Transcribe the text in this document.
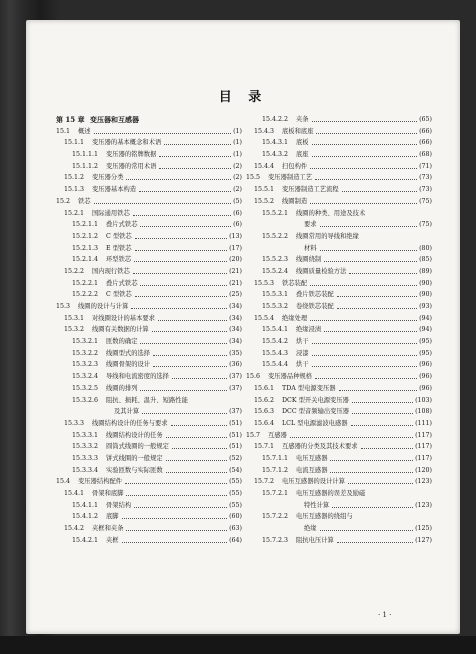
目 录
第 15 章 变压器和互感器
15.1 概述	(1)
15.1.1 变压器的基本概念和术语	(1)
15.1.1.1 变压器的铭牌数据	(1)
15.1.1.2 变压器的常用术语	(2)
15.1.2 变压器分类	(2)
15.1.3 变压器基本构造	(2)
15.2 铁芯	(5)
15.2.1 国际通用铁芯	(6)
15.2.1.1 叠片式铁芯	(6)
15.2.1.2 C 型铁芯	(13)
15.2.1.3 E 型铁芯	(17)
15.2.1.4 环型铁芯	(20)
15.2.2 国内现行铁芯	(21)
15.2.2.1 叠片式铁芯	(21)
15.2.2.2 C 型铁芯	(25)
15.3 线圈的设计与计算	(34)
15.3.1 对线圈设计的基本要求	(34)
15.3.2 线圈有关数据的计算	(34)
15.3.2.1 匝数的确定	(34)
15.3.2.2 线圈型式的选择	(35)
15.3.2.3 线圈骨架的设计	(36)
15.3.2.4 导线和电流密度的选择	(37)
15.3.2.5 线圈的排列	(37)
15.3.2.6 阻抗、损耗、温升、短路性能
及其计算	(37)
15.3.3 线圈结构设计的任务与要求	(51)
15.3.3.1 线圈结构设计的任务	(51)
15.3.3.2 圆筒式线圈的一般规定	(51)
15.3.3.3 饼式线圈的一般规定	(52)
15.3.3.4 实验匝数与实际匝数	(54)
15.4 变压器结构配件	(55)
15.4.1 骨架和底脚	(55)
15.4.1.1 骨架结构	(55)
15.4.1.2 底脚	(60)
15.4.2 夹框和夹条	(63)
15.4.2.1 夹框	(64)
15.4.2.2 夹条	(65)
15.4.3 底板和底座	(66)
15.4.3.1 底板	(66)
15.4.3.2 底座	(68)
15.4.4 扫包构件	(71)
15.5 变压器制造工艺	(73)
15.5.1 变压器制造工艺流程	(73)
15.5.2 线圈制造	(75)
15.5.2.1 线圈的种类、用途及技术
要求	(75)
15.5.2.2 线圈常用的导线和绝缘
材料	(80)
15.5.2.3 线圈绕制	(85)
15.5.2.4 线圈质量检验方法	(89)
15.5.3 铁芯装配	(90)
15.5.3.1 叠片铁芯装配	(90)
15.5.3.2 卷绕铁芯装配	(93)
15.5.4 绝缘处理	(94)
15.5.4.1 绝缘浸渍	(94)
15.5.4.2 烘干	(95)
15.5.4.3 浸漆	(95)
15.5.4.4 烘干	(96)
15.6 变压器品种规格	(96)
15.6.1 TDA 型电源变压器	(96)
15.6.2 DCK 型开关电源变压器	(103)
15.6.3 DCC 型音频输出变压器	(108)
15.6.4 LCL 型电源滤波电感器	(111)
15.7 互感器	(117)
15.7.1 互感器的分类及其技术要求	(117)
15.7.1.1 电压互感器	(117)
15.7.1.2 电流互感器	(120)
15.7.2 电压互感器的设计计算	(123)
15.7.2.1 电压互感器的误差及励磁
特性计算	(123)
15.7.2.2 电压互感器的绕组与
绝缘	(125)
15.7.2.3 阻抗电压计算	(127)
· 1 ·
